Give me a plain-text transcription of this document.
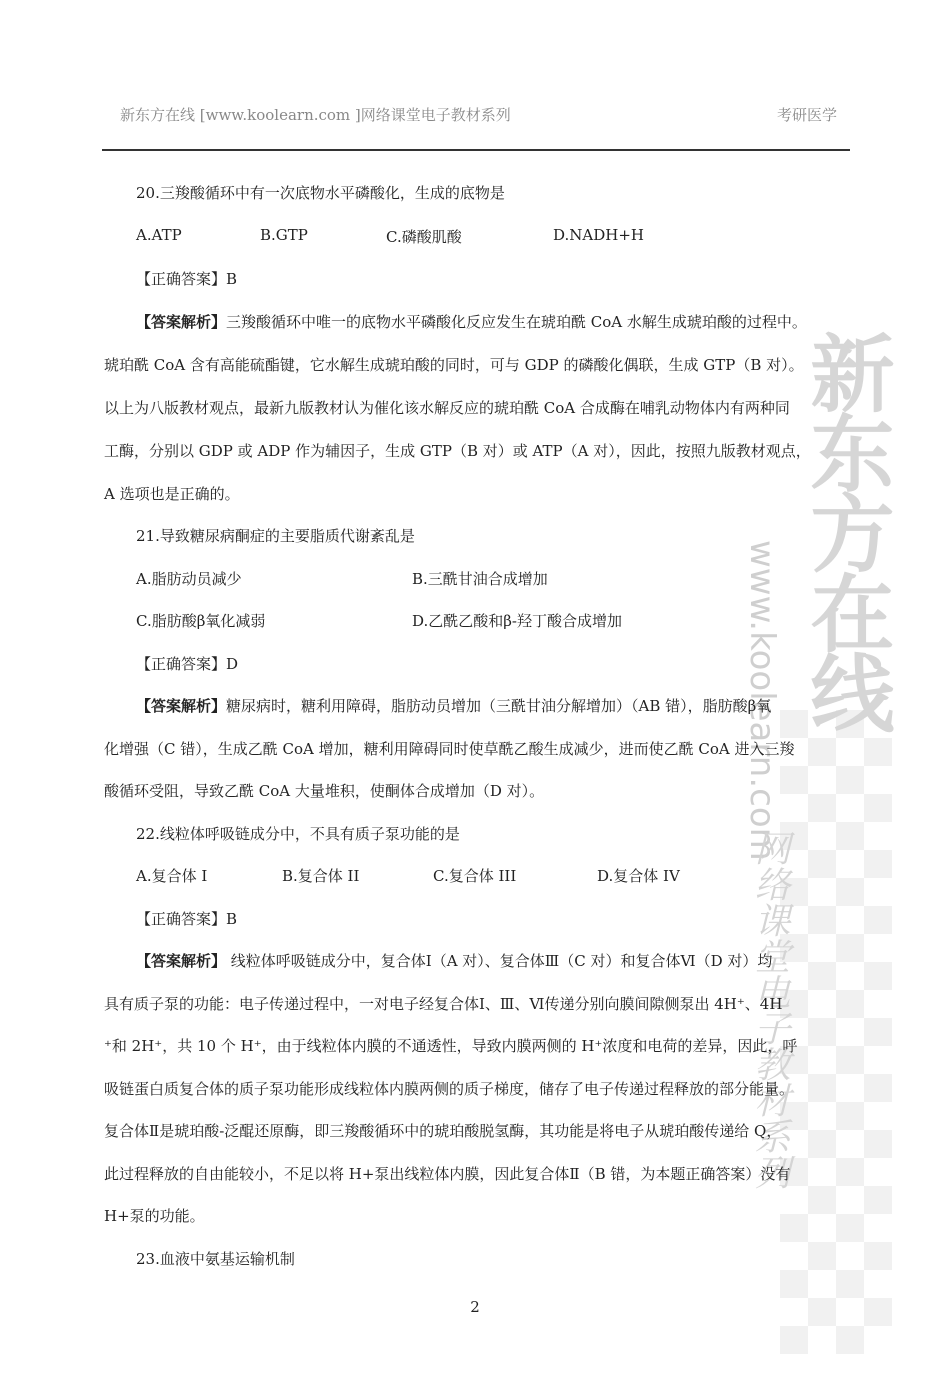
新东方在线 [www.koolearn.com ]网络课堂电子教材系列	考研医学
新东方在线
www.koolearn.com
网络课堂电子教材系列
20.三羧酸循环中有一次底物水平磷酸化，生成的底物是
A.ATP	B.GTP	C.磷酸肌酸	D.NADH+H
【正确答案】B
【答案解析】三羧酸循环中唯一的底物水平磷酸化反应发生在琥珀酰 CoA 水解生成琥珀酸的过程中。
琥珀酰 CoA 含有高能硫酯键，它水解生成琥珀酸的同时，可与 GDP 的磷酸化偶联，生成 GTP（B 对）。
以上为八版教材观点，最新九版教材认为催化该水解反应的琥珀酰 CoA 合成酶在哺乳动物体内有两种同
工酶，分别以 GDP 或 ADP 作为辅因子，生成 GTP（B 对）或 ATP（A 对），因此，按照九版教材观点，
A 选项也是正确的。
21.导致糖尿病酮症的主要脂质代谢紊乱是
A.脂肪动员减少	B.三酰甘油合成增加
C.脂肪酸β氧化减弱	D.乙酰乙酸和β-羟丁酸合成增加
【正确答案】D
【答案解析】糖尿病时，糖利用障碍，脂肪动员增加（三酰甘油分解增加）（AB 错），脂肪酸β氧
化增强（C 错），生成乙酰 CoA 增加，糖利用障碍同时使草酰乙酸生成减少，进而使乙酰 CoA 进入三羧
酸循环受阻，导致乙酰 CoA 大量堆积，使酮体合成增加（D 对）。
22.线粒体呼吸链成分中，不具有质子泵功能的是
A.复合体 I	B.复合体 II	C.复合体 III	D.复合体 IV
【正确答案】B
【答案解析】 线粒体呼吸链成分中，复合体Ⅰ（A 对）、复合体Ⅲ（C 对）和复合体Ⅵ（D 对）均
具有质子泵的功能：电子传递过程中，一对电子经复合体Ⅰ、Ⅲ、Ⅵ传递分别向膜间隙侧泵出 4H⁺、4H
⁺和 2H⁺，共 10 个 H⁺，由于线粒体内膜的不通透性，导致内膜两侧的 H⁺浓度和电荷的差异，因此，呼
吸链蛋白质复合体的质子泵功能形成线粒体内膜两侧的质子梯度，储存了电子传递过程释放的部分能量。
复合体Ⅱ是琥珀酸-泛醌还原酶，即三羧酸循环中的琥珀酸脱氢酶，其功能是将电子从琥珀酸传递给 Q，
此过程释放的自由能较小，不足以将 H+泵出线粒体内膜，因此复合体Ⅱ（B 错，为本题正确答案）没有
H+泵的功能。
23.血液中氨基运输机制
2
